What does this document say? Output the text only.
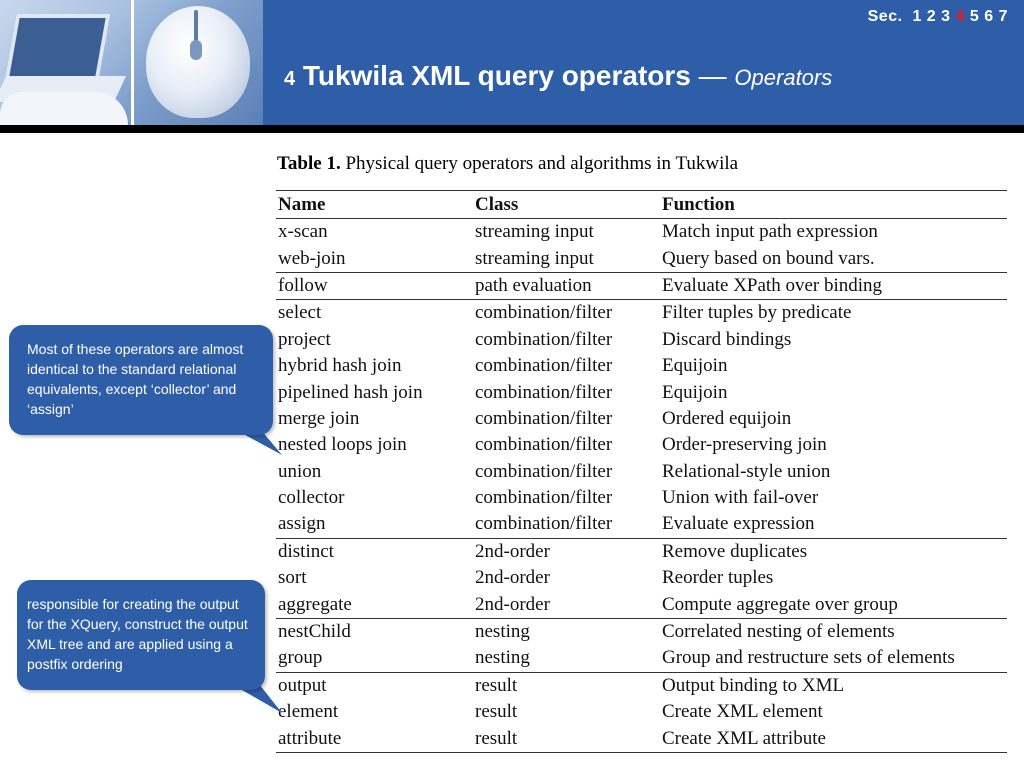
Sec. 1 2 3 4 5 6 7
4 Tukwila XML query operators — Operators
Table 1. Physical query operators and algorithms in Tukwila
Name	Class	Function
x-scan	streaming input	Match input path expression
web-join	streaming input	Query based on bound vars.
follow	path evaluation	Evaluate XPath over binding
select	combination/filter	Filter tuples by predicate
project	combination/filter	Discard bindings
hybrid hash join	combination/filter	Equijoin
pipelined hash join	combination/filter	Equijoin
merge join	combination/filter	Ordered equijoin
nested loops join	combination/filter	Order-preserving join
union	combination/filter	Relational-style union
collector	combination/filter	Union with fail-over
assign	combination/filter	Evaluate expression
distinct	2nd-order	Remove duplicates
sort	2nd-order	Reorder tuples
aggregate	2nd-order	Compute aggregate over group
nestChild	nesting	Correlated nesting of elements
group	nesting	Group and restructure sets of elements
output	result	Output binding to XML
element	result	Create XML element
attribute	result	Create XML attribute
Most of these operators are almost identical to the standard relational equivalents, except ‘collector’ and ‘assign’
responsible for creating the output for the XQuery, construct the output XML tree and are applied using a postfix ordering
